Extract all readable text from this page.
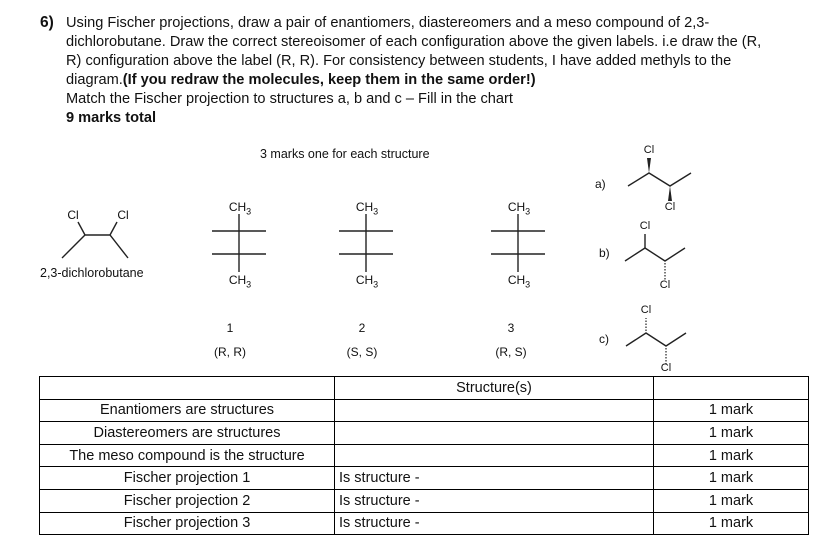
6) Using Fischer projections, draw a pair of enantiomers, diastereomers and a meso compound of 2,3-
dichlorobutane. Draw the correct stereoisomer of each configuration above the given labels. i.e draw the (R,
R) configuration above the label (R, R). For consistency between students, I have added methyls to the
diagram.(If you redraw the molecules, keep them in the same order!)
Match the Fischer projection to structures a, b and c – Fill in the chart
9 marks total
3 marks one for each structure
Cl	Cl
2,3-dichlorobutane
$CH_3$
$CH_3$
1
(R, R)
$CH_3$
$CH_3$
2
(S, S)
$CH_3$
$CH_3$
3
(R, S)
a)
Cl
Cl
b)
Cl
Cl
c)
Cl
Cl
	Structure(s)	
Enantiomers are structures		1 mark
Diastereomers are structures		1 mark
The meso compound is the structure		1 mark
Fischer projection 1	Is structure -	1 mark
Fischer projection 2	Is structure -	1 mark
Fischer projection 3	Is structure -	1 mark
